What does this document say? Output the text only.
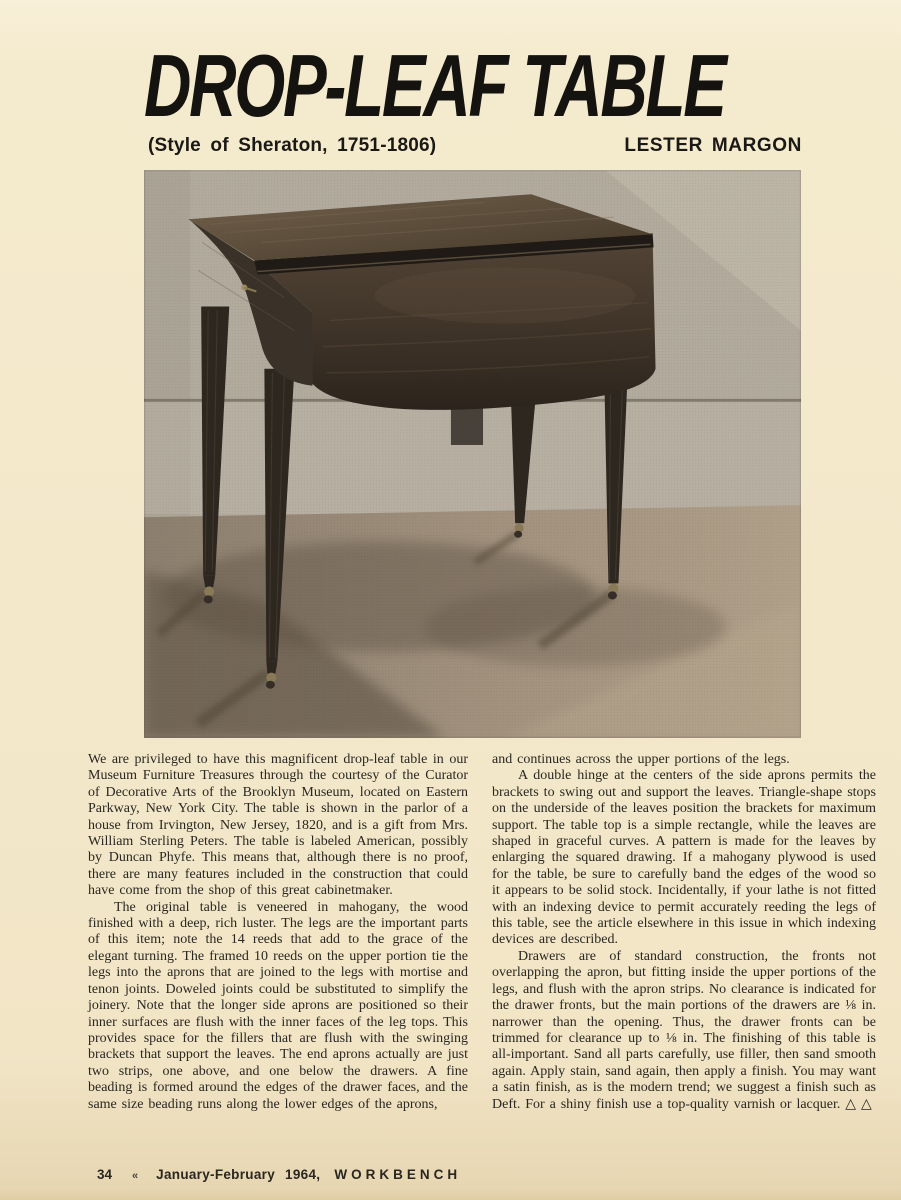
DROP-LEAF TABLE
(Style of Sheraton, 1751-1806)	LESTER MARGON

We are privileged to have this magnificent drop-leaf table in our Museum Furniture Treasures through the courtesy of the Curator of Decorative Arts of the Brooklyn Museum, located on Eastern Parkway, New York City. The table is shown in the parlor of a house from Irvington, New Jersey, 1820, and is a gift from Mrs. William Sterling Peters. The table is labeled American, possibly by Duncan Phyfe. This means that, although there is no proof, there are many features included in the construction that could have come from the shop of this great cabinetmaker.

The original table is veneered in mahogany, the wood finished with a deep, rich luster. The legs are the important parts of this item; note the 14 reeds that add to the grace of the elegant turning. The framed 10 reeds on the upper portion tie the legs into the aprons that are joined to the legs with mortise and tenon joints. Doweled joints could be substituted to simplify the joinery. Note that the longer side aprons are positioned so their inner surfaces are flush with the inner faces of the leg tops. This provides space for the fillers that are flush with the swinging brackets that support the leaves. The end aprons actually are just two strips, one above, and one below the drawers. A fine beading is formed around the edges of the drawer faces, and the same size beading runs along the lower edges of the aprons,

and continues across the upper portions of the legs.

A double hinge at the centers of the side aprons permits the brackets to swing out and support the leaves. Triangle-shape stops on the underside of the leaves position the brackets for maximum support. The table top is a simple rectangle, while the leaves are shaped in graceful curves. A pattern is made for the leaves by enlarging the squared drawing. If a mahogany plywood is used for the table, be sure to carefully band the edges of the wood so it appears to be solid stock. Incidentally, if your lathe is not fitted with an indexing device to permit accurately reeding the legs of this table, see the article elsewhere in this issue in which indexing devices are described.

Drawers are of standard construction, the fronts not overlapping the apron, but fitting inside the upper portions of the legs, and flush with the apron strips. No clearance is indicated for the drawer fronts, but the main portions of the drawers are ⅛ in. narrower than the opening. Thus, the drawer fronts can be trimmed for clearance up to ⅛ in. The finishing of this table is all-important. Sand all parts carefully, use filler, then sand smooth again. Apply stain, sand again, then apply a finish. You may want a satin finish, as is the modern trend; we suggest a finish such as Deft. For a shiny finish use a top-quality varnish or lacquer. △ △

34 « January-February 1964, WORKBENCH
